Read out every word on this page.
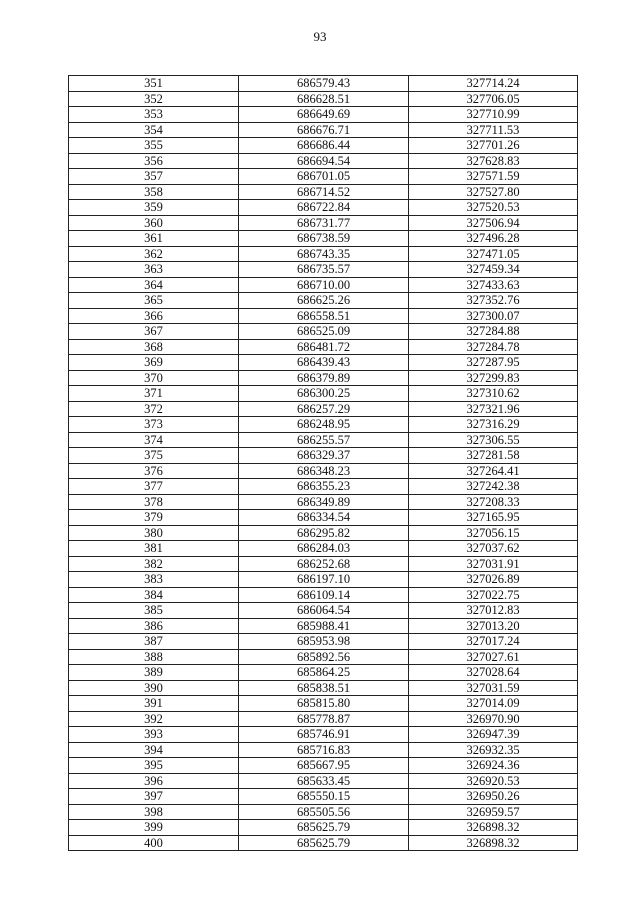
93
351	686579.43	327714.24
352	686628.51	327706.05
353	686649.69	327710.99
354	686676.71	327711.53
355	686686.44	327701.26
356	686694.54	327628.83
357	686701.05	327571.59
358	686714.52	327527.80
359	686722.84	327520.53
360	686731.77	327506.94
361	686738.59	327496.28
362	686743.35	327471.05
363	686735.57	327459.34
364	686710.00	327433.63
365	686625.26	327352.76
366	686558.51	327300.07
367	686525.09	327284.88
368	686481.72	327284.78
369	686439.43	327287.95
370	686379.89	327299.83
371	686300.25	327310.62
372	686257.29	327321.96
373	686248.95	327316.29
374	686255.57	327306.55
375	686329.37	327281.58
376	686348.23	327264.41
377	686355.23	327242.38
378	686349.89	327208.33
379	686334.54	327165.95
380	686295.82	327056.15
381	686284.03	327037.62
382	686252.68	327031.91
383	686197.10	327026.89
384	686109.14	327022.75
385	686064.54	327012.83
386	685988.41	327013.20
387	685953.98	327017.24
388	685892.56	327027.61
389	685864.25	327028.64
390	685838.51	327031.59
391	685815.80	327014.09
392	685778.87	326970.90
393	685746.91	326947.39
394	685716.83	326932.35
395	685667.95	326924.36
396	685633.45	326920.53
397	685550.15	326950.26
398	685505.56	326959.57
399	685625.79	326898.32
400	685625.79	326898.32
